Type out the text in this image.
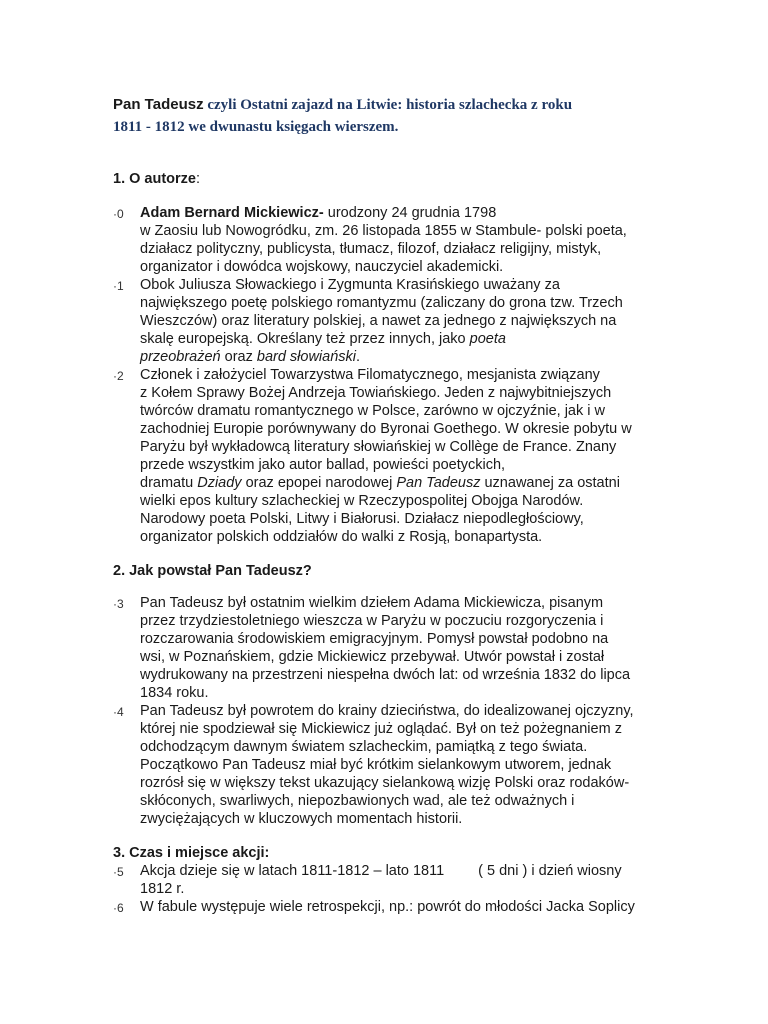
Pan Tadeusz czyli Ostatni zajazd na Litwie: historia szlachecka z roku
1811 - 1812 we dwunastu księgach wierszem.
1. O autorze:
·0 Adam Bernard Mickiewicz- urodzony 24 grudnia 1798
w Zaosiu lub Nowogródku, zm. 26 listopada 1855 w Stambule- polski poeta,
działacz polityczny, publicysta, tłumacz, filozof, działacz religijny, mistyk,
organizator i dowódca wojskowy, nauczyciel akademicki.
·1 Obok Juliusza Słowackiego i Zygmunta Krasińskiego uważany za
największego poetę polskiego romantyzmu (zaliczany do grona tzw. Trzech
Wieszczów) oraz literatury polskiej, a nawet za jednego z największych na
skalę europejską. Określany też przez innych, jako poeta
przeobrażeń oraz bard słowiański.
·2 Członek i założyciel Towarzystwa Filomatycznego, mesjanista związany
z Kołem Sprawy Bożej Andrzeja Towiańskiego. Jeden z najwybitniejszych
twórców dramatu romantycznego w Polsce, zarówno w ojczyźnie, jak i w
zachodniej Europie porównywany do Byronai Goethego. W okresie pobytu w
Paryżu był wykładowcą literatury słowiańskiej w Collège de France. Znany
przede wszystkim jako autor ballad, powieści poetyckich,
dramatu Dziady oraz epopei narodowej Pan Tadeusz uznawanej za ostatni
wielki epos kultury szlacheckiej w Rzeczypospolitej Obojga Narodów.
Narodowy poeta Polski, Litwy i Białorusi. Działacz niepodległościowy,
organizator polskich oddziałów do walki z Rosją, bonapartysta.
2. Jak powstał Pan Tadeusz?
·3 Pan Tadeusz był ostatnim wielkim dziełem Adama Mickiewicza, pisanym
przez trzydziestoletniego wieszcza w Paryżu w poczuciu rozgoryczenia i
rozczarowania środowiskiem emigracyjnym. Pomysł powstał podobno na
wsi, w Poznańskiem, gdzie Mickiewicz przebywał. Utwór powstał i został
wydrukowany na przestrzeni niespełna dwóch lat: od września 1832 do lipca
1834 roku.
·4 Pan Tadeusz był powrotem do krainy dzieciństwa, do idealizowanej ojczyzny,
której nie spodziewał się Mickiewicz już oglądać. Był on też pożegnaniem z
odchodzącym dawnym światem szlacheckim, pamiątką z tego świata.
Początkowo Pan Tadeusz miał być krótkim sielankowym utworem, jednak
rozrósł się w większy tekst ukazujący sielankową wizję Polski oraz rodaków-
skłóconych, swarliwych, niepozbawionych wad, ale też odważnych i
zwyciężających w kluczowych momentach historii.
3. Czas i miejsce akcji:
·5 Akcja dzieje się w latach 1811-1812 – lato 1811 ( 5 dni ) i dzień wiosny
1812 r.
·6 W fabule występuje wiele retrospekcji, np.: powrót do młodości Jacka Soplicy
